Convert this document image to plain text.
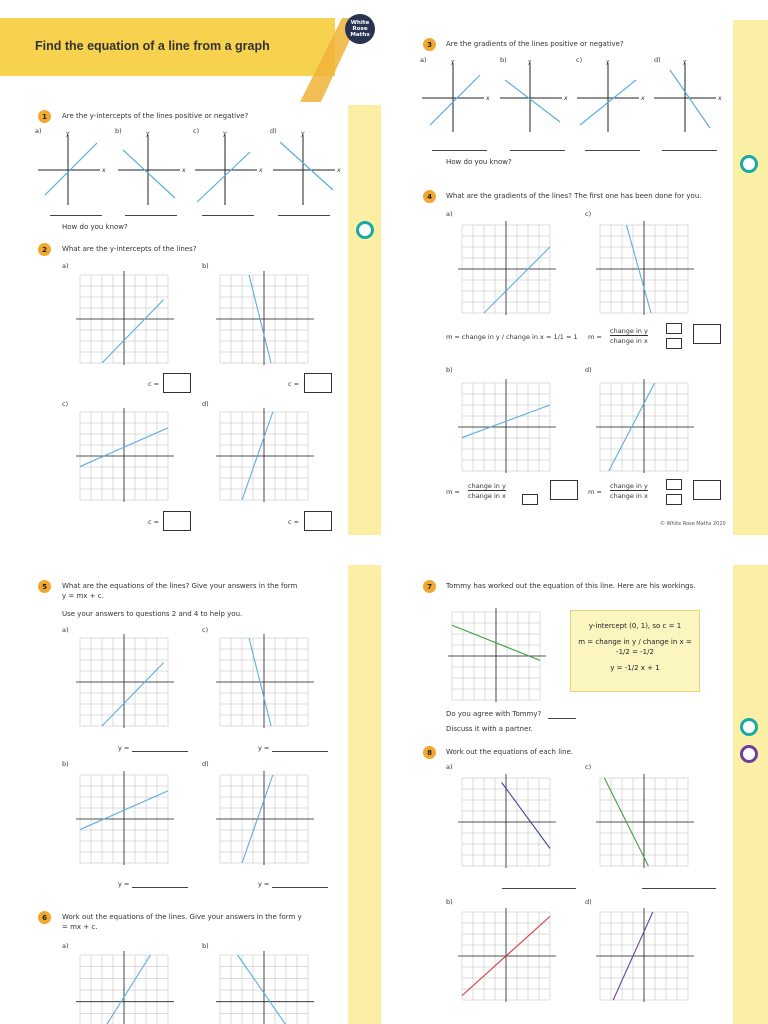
Find the equation of a line from a graph
White
Rose
Maths
1	Are the y-intercepts of the lines positive or negative?
a)	b)	c)	d)
y
x
y
x
y
x
y
x
How do you know?
2	What are the y-intercepts of the lines?
a)	b)
c)	d)
c =	c =
c =	c =
3	Are the gradients of the lines positive or negative?
a)	b)	c)	d)
y
x
y
x
y
x
y
x
How do you know?
4	What are the gradients of the lines? The first one has been done for you.
a)	c)
b)	d)
m = change in y / change in x = 1/1 = 1 m =
change in y
change in x
m =
change in y
change in x	m =
change in y
change in x
© White Rose Maths 2020
5	What are the equations of the lines? Give your answers in the form y = mx + c.
Use your answers to questions 2 and 4 to help you.
a)	c)
b)	d)
y =	y =
y =	y =
6	Work out the equations of the lines. Give your answers in the form y = mx + c.
a)	b)
7	Tommy has worked out the equation of this line. Here are his workings.
y-intercept (0, 1), so c = 1
m = change in y / change in x = -1/2 = -1/2
y = -1/2 x + 1
Do you agree with Tommy?
Discuss it with a partner.
8	Work out the equations of each line.
a)	c)
b)	d)
